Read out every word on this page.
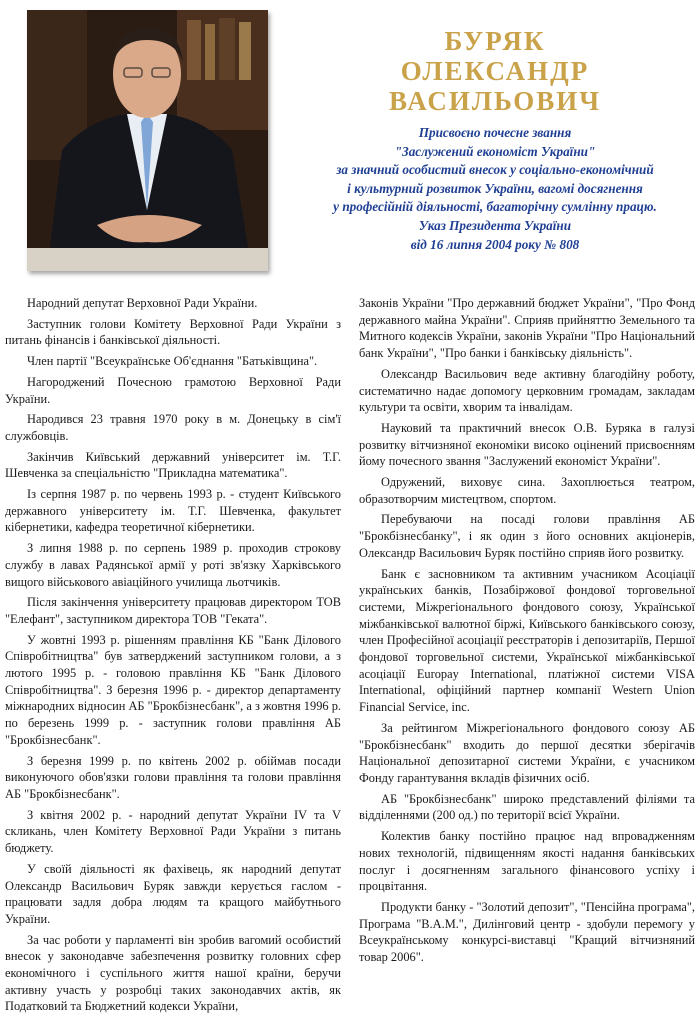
БУРЯК
ОЛЕКСАНДР ВАСИЛЬОВИЧ
Присвоєно почесне звання
"Заслужений економіст України"
за значний особистий внесок у соціально-економічний
і культурний розвиток України, вагомі досягнення
у професійній діяльності, багаторічну сумлінну працю.
Указ Президента України
від 16 липня 2004 року № 808

Народний депутат Верховної Ради України.

Заступник голови Комітету Верховної Ради України з питань фінансів і банківської діяльності.

Член партії "Всеукраїнське Об'єднання "Батьківщина".

Нагороджений Почесною грамотою Верховної Ради України.

Народився 23 травня 1970 року в м. Донецьку в сім'ї службовців.

Закінчив Київський державний університет ім. Т.Г. Шевченка за спеціальністю "Прикладна математика".

Із серпня 1987 р. по червень 1993 р. - студент Київського державного університету ім. Т.Г. Шевченка, факультет кібернетики, кафедра теоретичної кібернетики.

З липня 1988 р. по серпень 1989 р. проходив строкову службу в лавах Радянської армії у роті зв'язку Харківського вищого військового авіаційного училища льотчиків.

Після закінчення університету працював директором ТОВ "Елефант", заступником директора ТОВ "Геката".

У жовтні 1993 р. рішенням правління КБ "Банк Ділового Співробітництва" був затверджений заступником голови, а з лютого 1995 р. - головою правління КБ "Банк Ділового Співробітництва". З березня 1996 р. - директор департаменту міжнародних відносин АБ "Брокбізнесбанк", а з жовтня 1996 р. по березень 1999 р. - заступник голови правління АБ "Брокбізнесбанк".

З березня 1999 р. по квітень 2002 р. обіймав посади виконуючого обов'язки голови правління та голови правління АБ "Брокбізнесбанк".

З квітня 2002 р. - народний депутат України IV та V скликань, член Комітету Верховної Ради України з питань бюджету.

У своїй діяльності як фахівець, як народний депутат Олександр Васильович Буряк завжди керується гаслом - працювати задля добра людям та кращого майбутнього України.

За час роботи у парламенті він зробив вагомий особистий внесок у законодавче забезпечення розвитку головних сфер економічного і суспільного життя нашої країни, беручи активну участь у розробці таких законодавчих актів, як Податковий та Бюджетний кодекси України,

Законів України "Про державний бюджет України", "Про Фонд державного майна України". Сприяв прийняттю Земельного та Митного кодексів України, законів України "Про Національний банк України", "Про банки і банківську діяльність".

Олександр Васильович веде активну благодійну роботу, систематично надає допомогу церковним громадам, закладам культури та освіти, хворим та інвалідам.

Науковий та практичний внесок О.В. Буряка в галузі розвитку вітчизняної економіки високо оцінений присвоєнням йому почесного звання "Заслужений економіст України".

Одружений, виховує сина. Захоплюється театром, образотворчим мистецтвом, спортом.

Перебуваючи на посаді голови правління АБ "Брокбізнесбанку", і як один з його основних акціонерів, Олександр Васильович Буряк постійно сприяв його розвитку.

Банк є засновником та активним учасником Асоціації українських банків, Позабіржової фондової торговельної системи, Міжрегіонального фондового союзу, Української міжбанківської валютної біржі, Київського банківського союзу, член Професійної асоціації реєстраторів і депозитаріїв, Першої фондової торговельної системи, Української міжбанківської асоціації Europay International, платіжної системи VISA International, офіційний партнер компанії Western Union Financial Service, inc.

За рейтингом Міжрегіонального фондового союзу АБ "Брокбізнесбанк" входить до першої десятки зберігачів Національної депозитарної системи України, є учасником Фонду гарантування вкладів фізичних осіб.

АБ "Брокбізнесбанк" широко представлений філіями та відділеннями (200 од.) по території всієї України.

Колектив банку постійно працює над впровадженням нових технологій, підвищенням якості надання банківських послуг і досягненням загального фінансового успіху і процвітання.

Продукти банку - "Золотий депозит", "Пенсійна програма", Програма "В.А.М.", Дилінговий центр - здобули перемогу у Всеукраїнському конкурсі-виставці "Кращий вітчизняний товар 2006".
